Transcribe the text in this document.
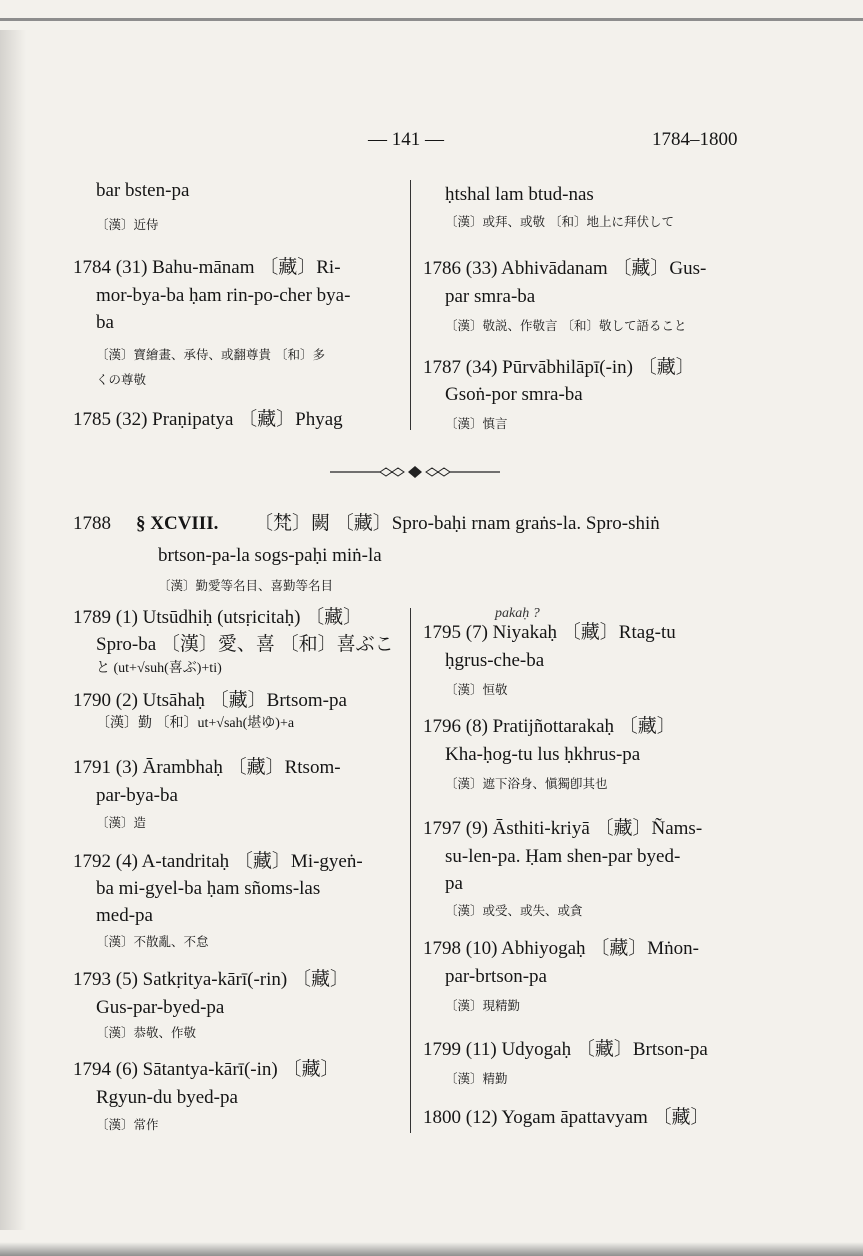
— 141 —	1784–1800
bar bsten-pa
〔漢〕近侍
1784 (31) Bahu-mānam 〔藏〕Ri-
mor-bya-ba ḥam rin-po-cher bya-
ba
〔漢〕寶繪畫、承侍、或翻尊貴 〔和〕多
くの尊敬
1785 (32) Praṇipatya 〔藏〕Phyag
ḥtshal lam btud-nas
〔漢〕或拜、或敬 〔和〕地上に拜伏して
1786 (33) Abhivādanam 〔藏〕Gus-
par smra-ba
〔漢〕敬説、作敬言 〔和〕敬して語ること
1787 (34) Pūrvābhilāpī(-in) 〔藏〕
Gsoṅ-por smra-ba
〔漢〕慎言
1788 § XCVIII. 〔梵〕闕 〔藏〕Spro-baḥi rnam graṅs-la. Spro-shiṅ
brtson-pa-la sogs-paḥi miṅ-la
〔漢〕勤愛等名目、喜勤等名目
1789 (1) Utsūdhiḥ (utsṛicitaḥ) 〔藏〕
Spro-ba 〔漢〕愛、喜 〔和〕喜ぶこ
と (ut+√suh(喜ぶ)+ti)
1790 (2) Utsāhaḥ 〔藏〕Brtsom-pa
〔漢〕勤 〔和〕ut+√sah(堪ゆ)+a
1791 (3) Ārambhaḥ 〔藏〕Rtsom-
par-bya-ba
〔漢〕造
1792 (4) A-tandritaḥ 〔藏〕Mi-gyeṅ-
ba mi-gyel-ba ḥam sñoms-las
med-pa
〔漢〕不散亂、不怠
1793 (5) Satkṛitya-kārī(-rin) 〔藏〕
Gus-par-byed-pa
〔漢〕恭敬、作敬
1794 (6) Sātantya-kārī(-in) 〔藏〕
Rgyun-du byed-pa
〔漢〕常作
pakaḥ ?
1795 (7) Niyakaḥ 〔藏〕Rtag-tu
ḥgrus-che-ba
〔漢〕恒敬
1796 (8) Pratijñottarakaḥ 〔藏〕
Kha-ḥog-tu lus ḥkhrus-pa
〔漢〕遮下浴身、愼獨卽其也
1797 (9) Āsthiti-kriyā 〔藏〕Ñams-
su-len-pa. Ḥam shen-par byed-
pa
〔漢〕或受、或失、或貪
1798 (10) Abhiyogaḥ 〔藏〕Mṅon-
par-brtson-pa
〔漢〕現精勤
1799 (11) Udyogaḥ 〔藏〕Brtson-pa
〔漢〕精勤
1800 (12) Yogam āpattavyam 〔藏〕
